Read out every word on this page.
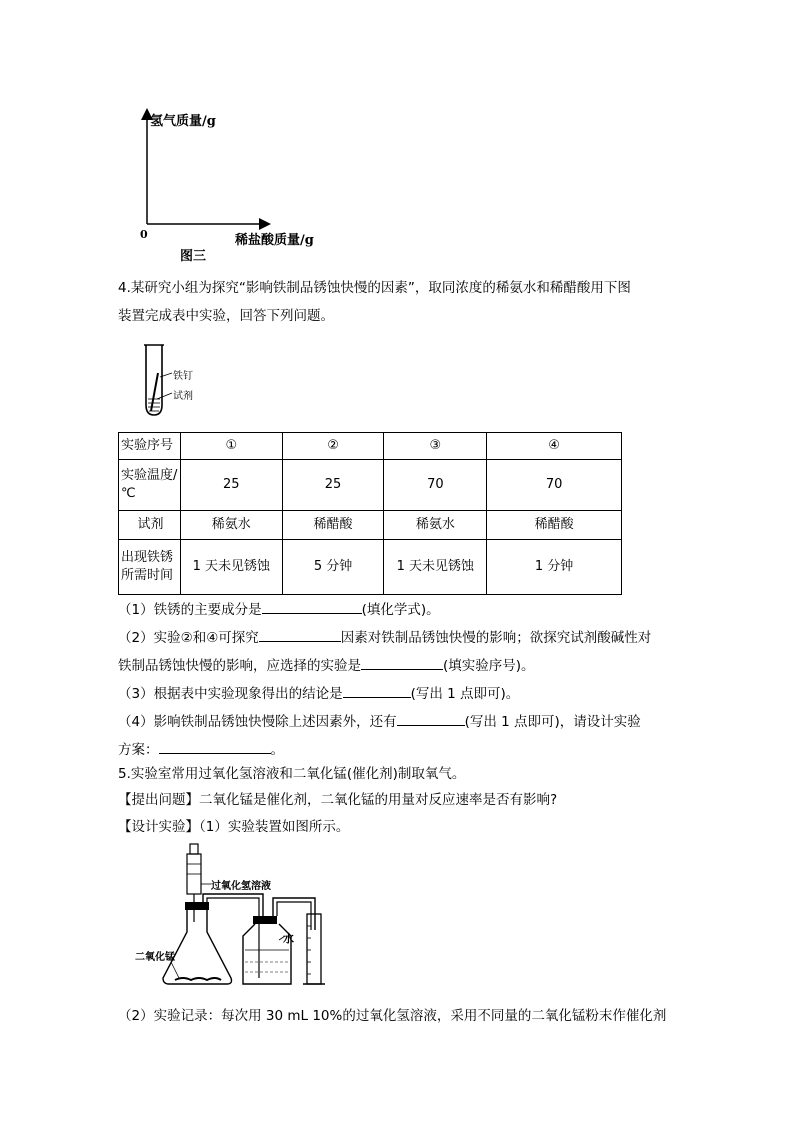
氢气质量/g
0	稀盐酸质量/g
图三
4.某研究小组为探究“影响铁制品锈蚀快慢的因素”，取同浓度的稀氨水和稀醋酸用下图
装置完成表中实验，回答下列问题。
铁钉
试剂
实验序号	①	②	③	④

实验温度/
℃	25	25	70	70

试剂	稀氨水	稀醋酸	稀氨水	稀醋酸

出现铁锈
所需时间	1 天未见锈蚀	5 分钟	1 天未见锈蚀	1 分钟
（1）铁锈的主要成分是	(填化学式)。
（2）实验②和④可探究	因素对铁制品锈蚀快慢的影响；欲探究试剂酸碱性对
铁制品锈蚀快慢的影响，应选择的实验是	(填实验序号)。
（3）根据表中实验现象得出的结论是	(写出 1 点即可)。
（4）影响铁制品锈蚀快慢除上述因素外，还有	(写出 1 点即可)，请设计实验
方案：	。
5.实验室常用过氧化氢溶液和二氧化锰(催化剂)制取氧气。
【提出问题】二氧化锰是催化剂，二氧化锰的用量对反应速率是否有影响?
【设计实验】（1）实验装置如图所示。
过氧化氢溶液
二氧化锰
水
（2）实验记录：每次用 30 mL 10%的过氧化氢溶液，采用不同量的二氧化锰粉末作催化剂
